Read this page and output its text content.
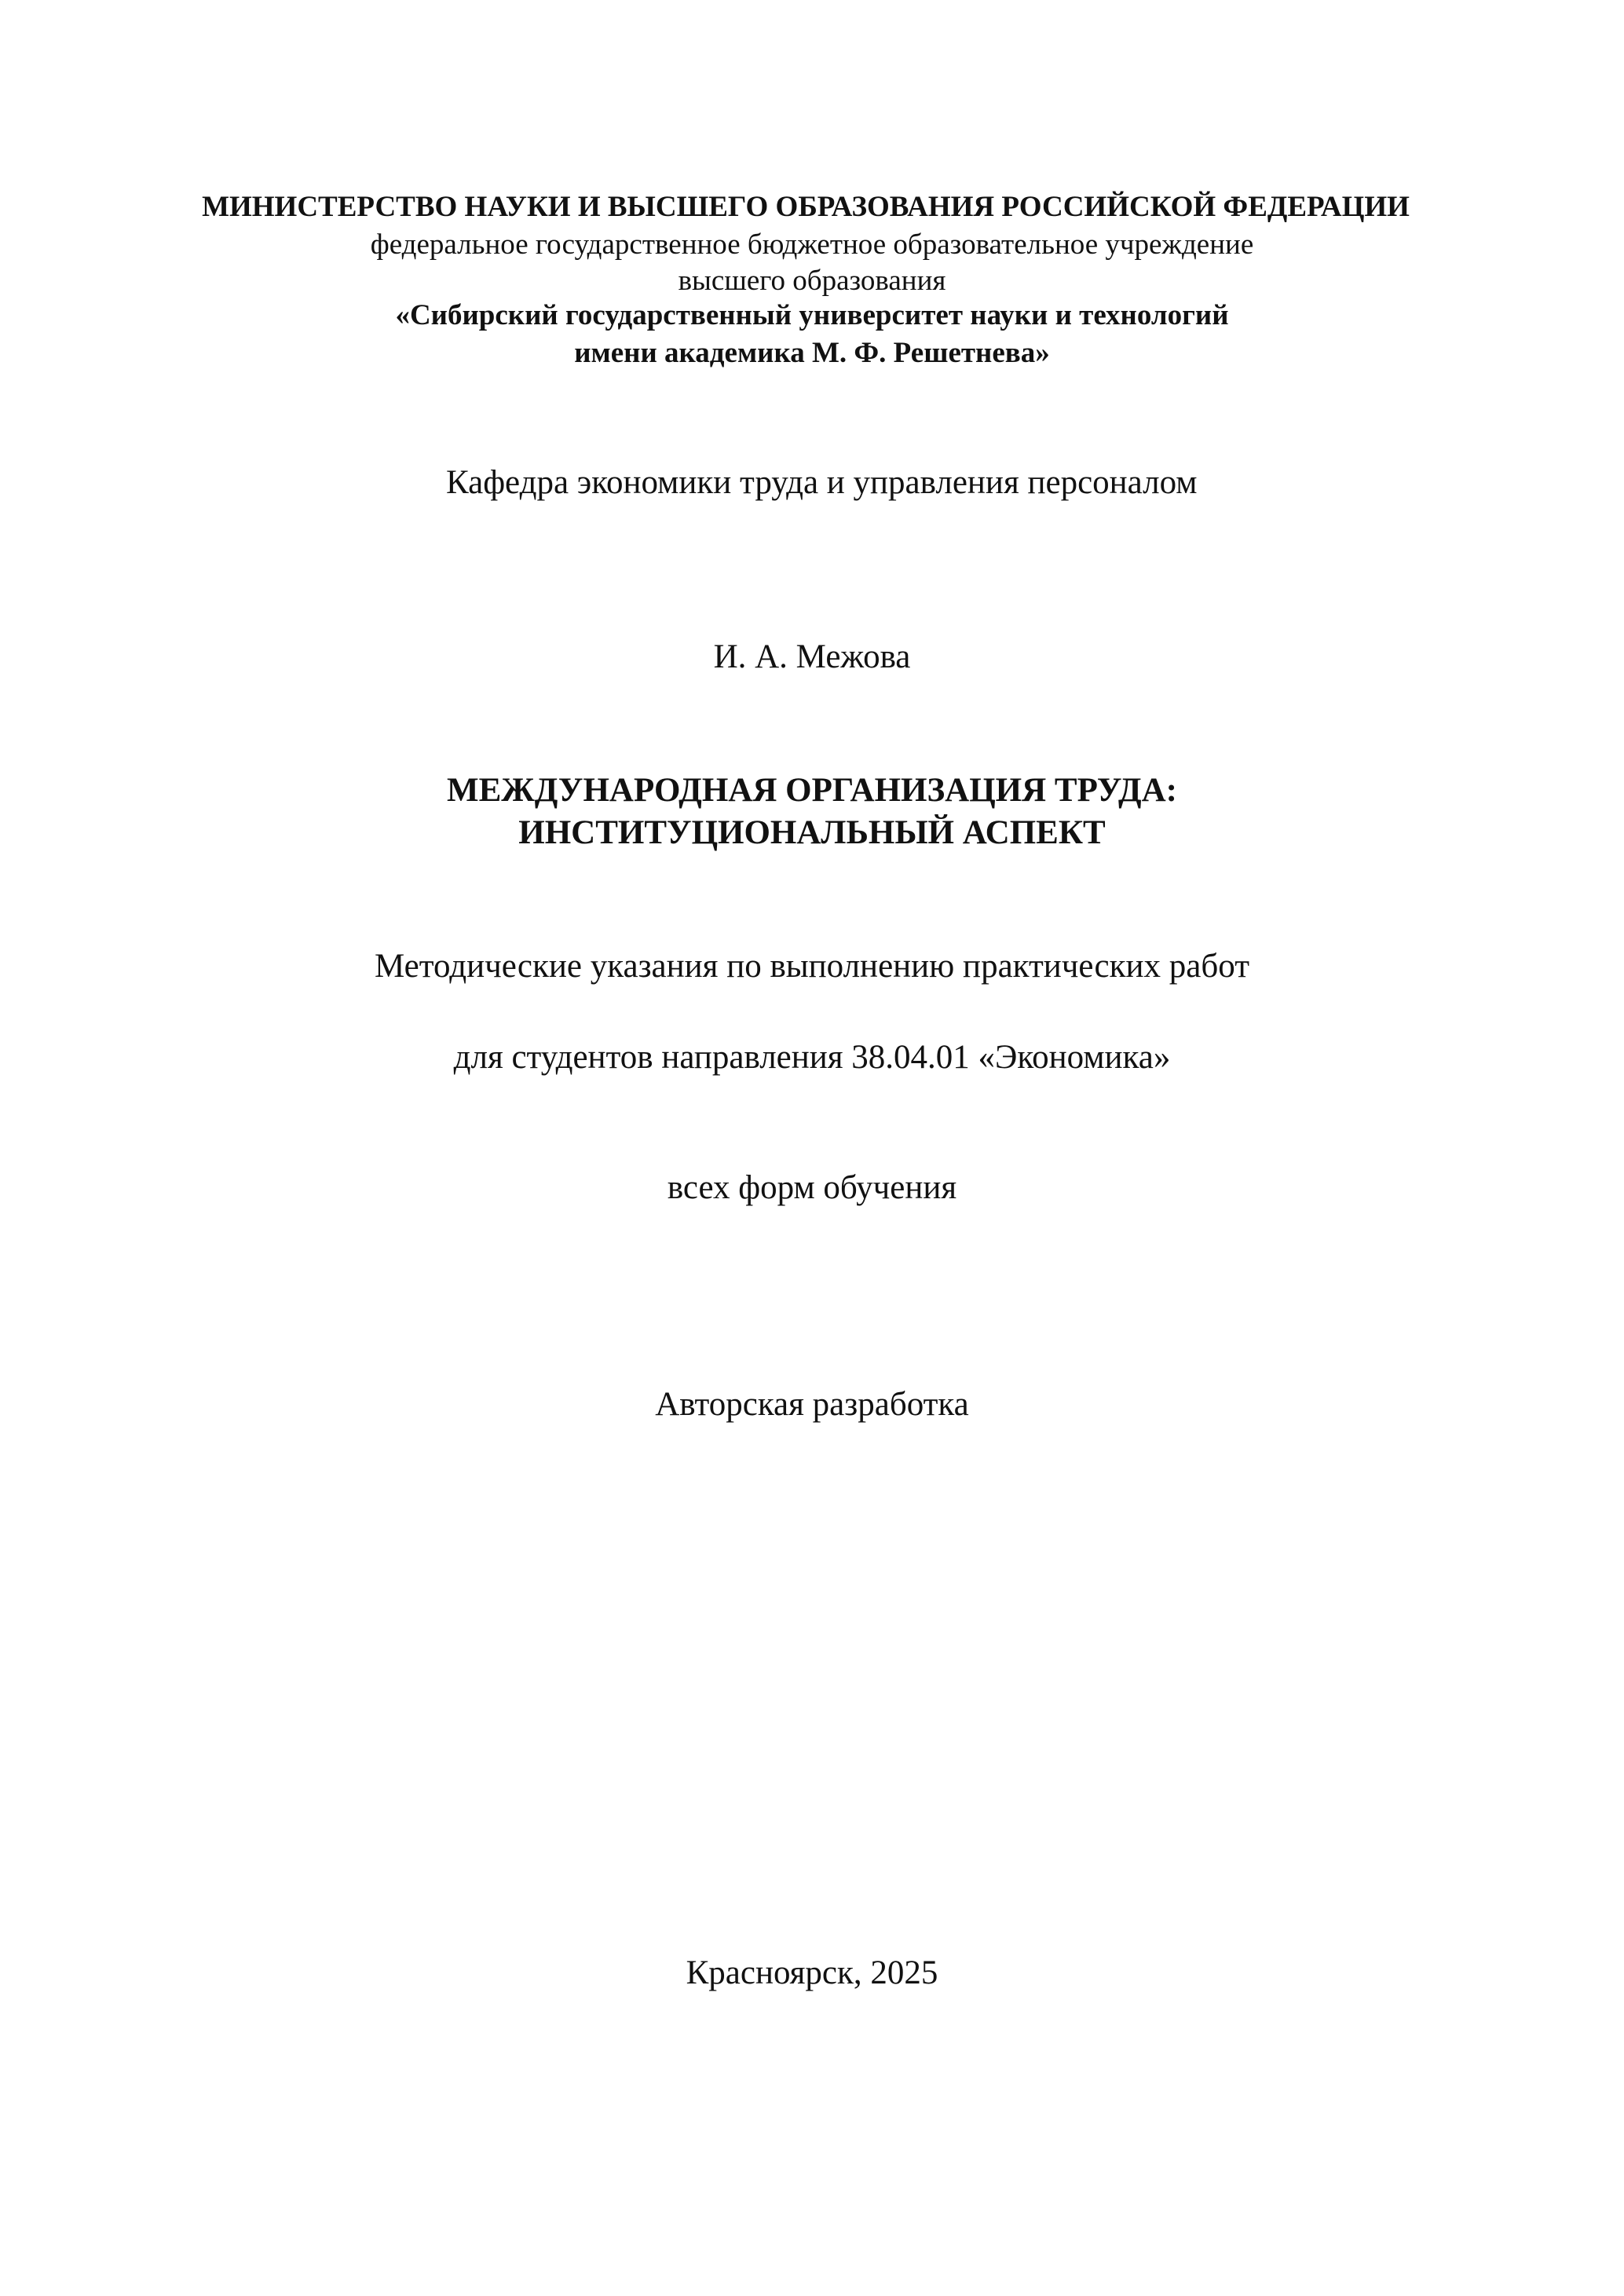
МИНИСТЕРСТВО НАУКИ И ВЫСШЕГО ОБРАЗОВАНИЯ РОССИЙСКОЙ ФЕДЕРАЦИИ
федеральное государственное бюджетное образовательное учреждение
высшего образования
«Сибирский государственный университет науки и технологий
имени академика М. Ф. Решетнева»
Кафедра экономики труда и управления персоналом
И. А. Межова
МЕЖДУНАРОДНАЯ ОРГАНИЗАЦИЯ ТРУДА:
ИНСТИТУЦИОНАЛЬНЫЙ АСПЕКТ
Методические указания по выполнению практических работ
для студентов направления 38.04.01 «Экономика»
всех форм обучения
Авторская разработка
Красноярск, 2025
